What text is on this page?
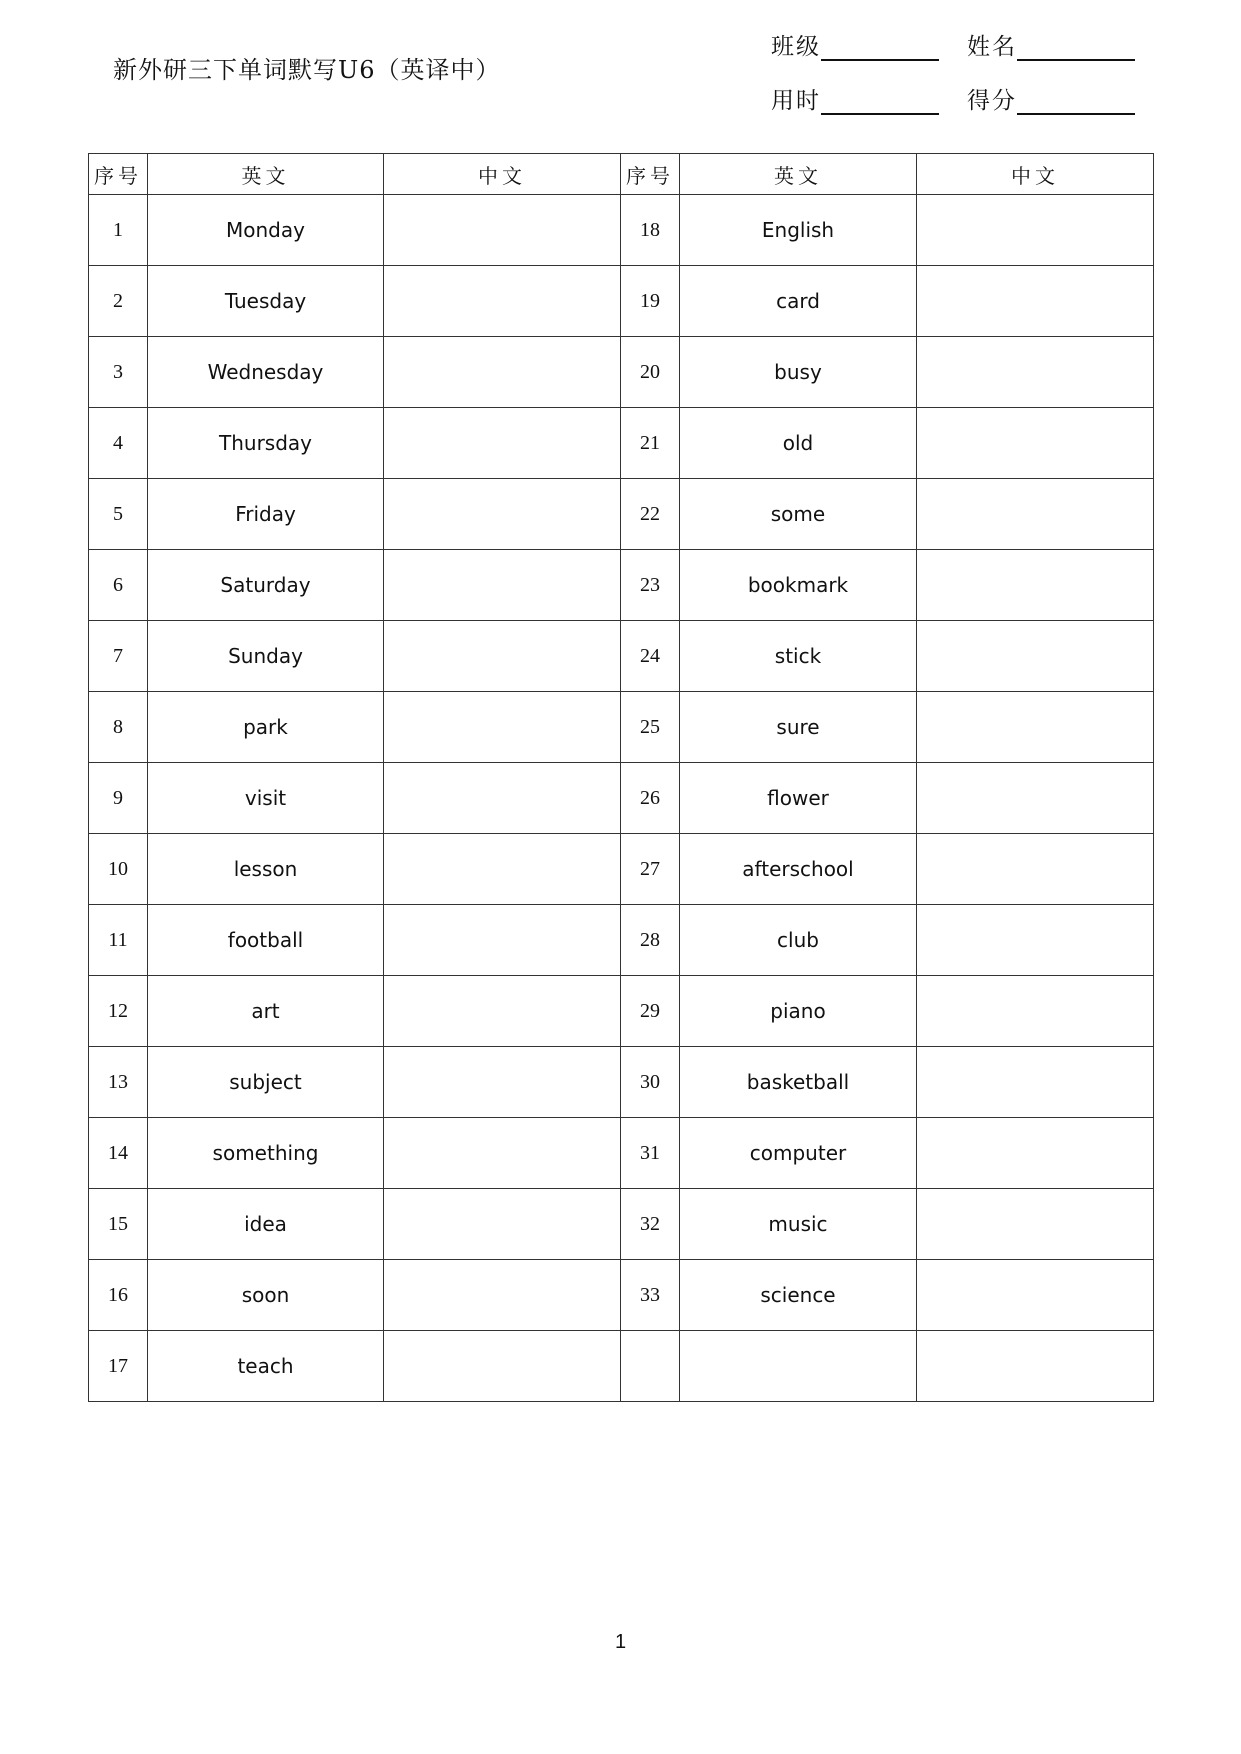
新外研三下单词默写U6（英译中）
班级	姓名
用时	得分
序号	英文	中文	序号	英文	中文
1	Monday		18	English	
2	Tuesday		19	card	
3	Wednesday		20	busy	
4	Thursday		21	old	
5	Friday		22	some	
6	Saturday		23	bookmark	
7	Sunday		24	stick	
8	park		25	sure	
9	visit		26	flower	
10	lesson		27	afterschool	
11	football		28	club	
12	art		29	piano	
13	subject		30	basketball	
14	something		31	computer	
15	idea		32	music	
16	soon		33	science	
17	teach				
1
